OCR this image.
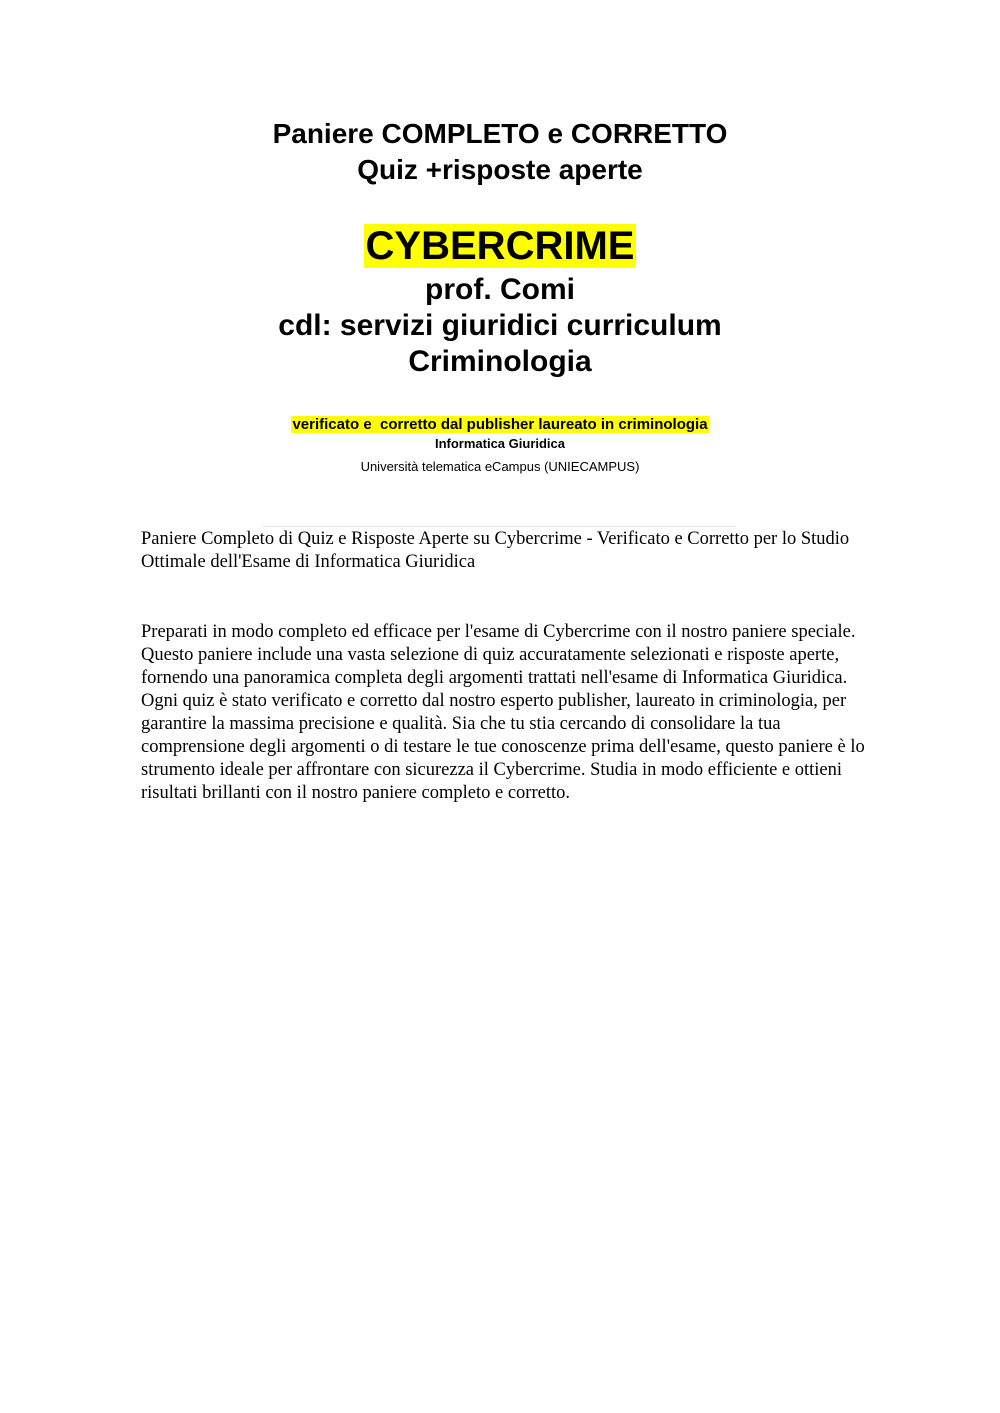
Paniere COMPLETO e CORRETTO
Quiz +risposte aperte
CYBERCRIME
prof. Comi
cdl: servizi giuridici curriculum
Criminologia
verificato e  corretto dal publisher laureato in criminologia
Informatica Giuridica
Università telematica eCampus (UNIECAMPUS)
Paniere Completo di Quiz e Risposte Aperte su Cybercrime - Verificato e Corretto per lo Studio Ottimale dell'Esame di Informatica Giuridica
Preparati in modo completo ed efficace per l'esame di Cybercrime con il nostro paniere speciale. Questo paniere include una vasta selezione di quiz accuratamente selezionati e risposte aperte, fornendo una panoramica completa degli argomenti trattati nell'esame di Informatica Giuridica. Ogni quiz è stato verificato e corretto dal nostro esperto publisher, laureato in criminologia, per garantire la massima precisione e qualità. Sia che tu stia cercando di consolidare la tua comprensione degli argomenti o di testare le tue conoscenze prima dell'esame, questo paniere è lo strumento ideale per affrontare con sicurezza il Cybercrime. Studia in modo efficiente e ottieni risultati brillanti con il nostro paniere completo e corretto.
